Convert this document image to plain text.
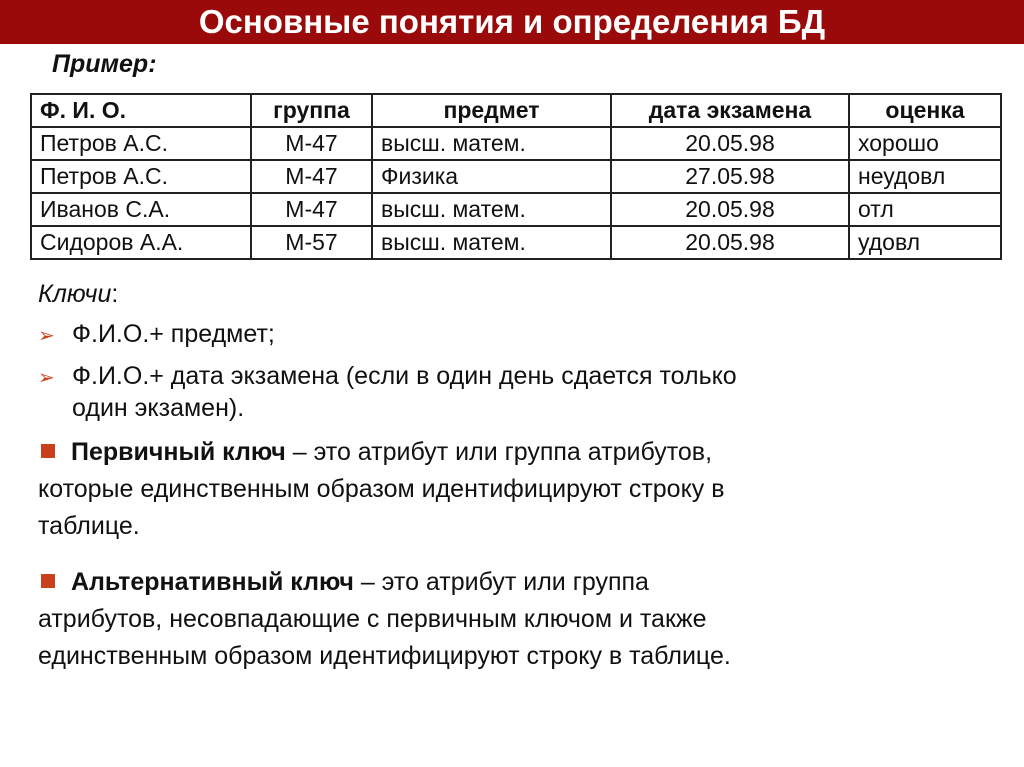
Основные понятия и определения БД
Пример:
Ф. И. О.	группа	предмет	дата экзамена	оценка
Петров А.С.	М-47	высш. матем.	20.05.98	хорошо
Петров А.С.	М-47	Физика	27.05.98	неудовл
Иванов С.А.	М-47	высш. матем.	20.05.98	отл
Сидоров А.А.	М-57	высш. матем.	20.05.98	удовл
Ключи:
➢ Ф.И.О.+ предмет;
➢ Ф.И.О.+ дата экзамена (если в один день сдается только
один экзамен).
Первичный ключ – это атрибут или группа атрибутов,
которые единственным образом идентифицируют строку в
таблице.
Альтернативный ключ – это атрибут или группа
атрибутов, несовпадающие с первичным ключом и также
единственным образом идентифицируют строку в таблице.
